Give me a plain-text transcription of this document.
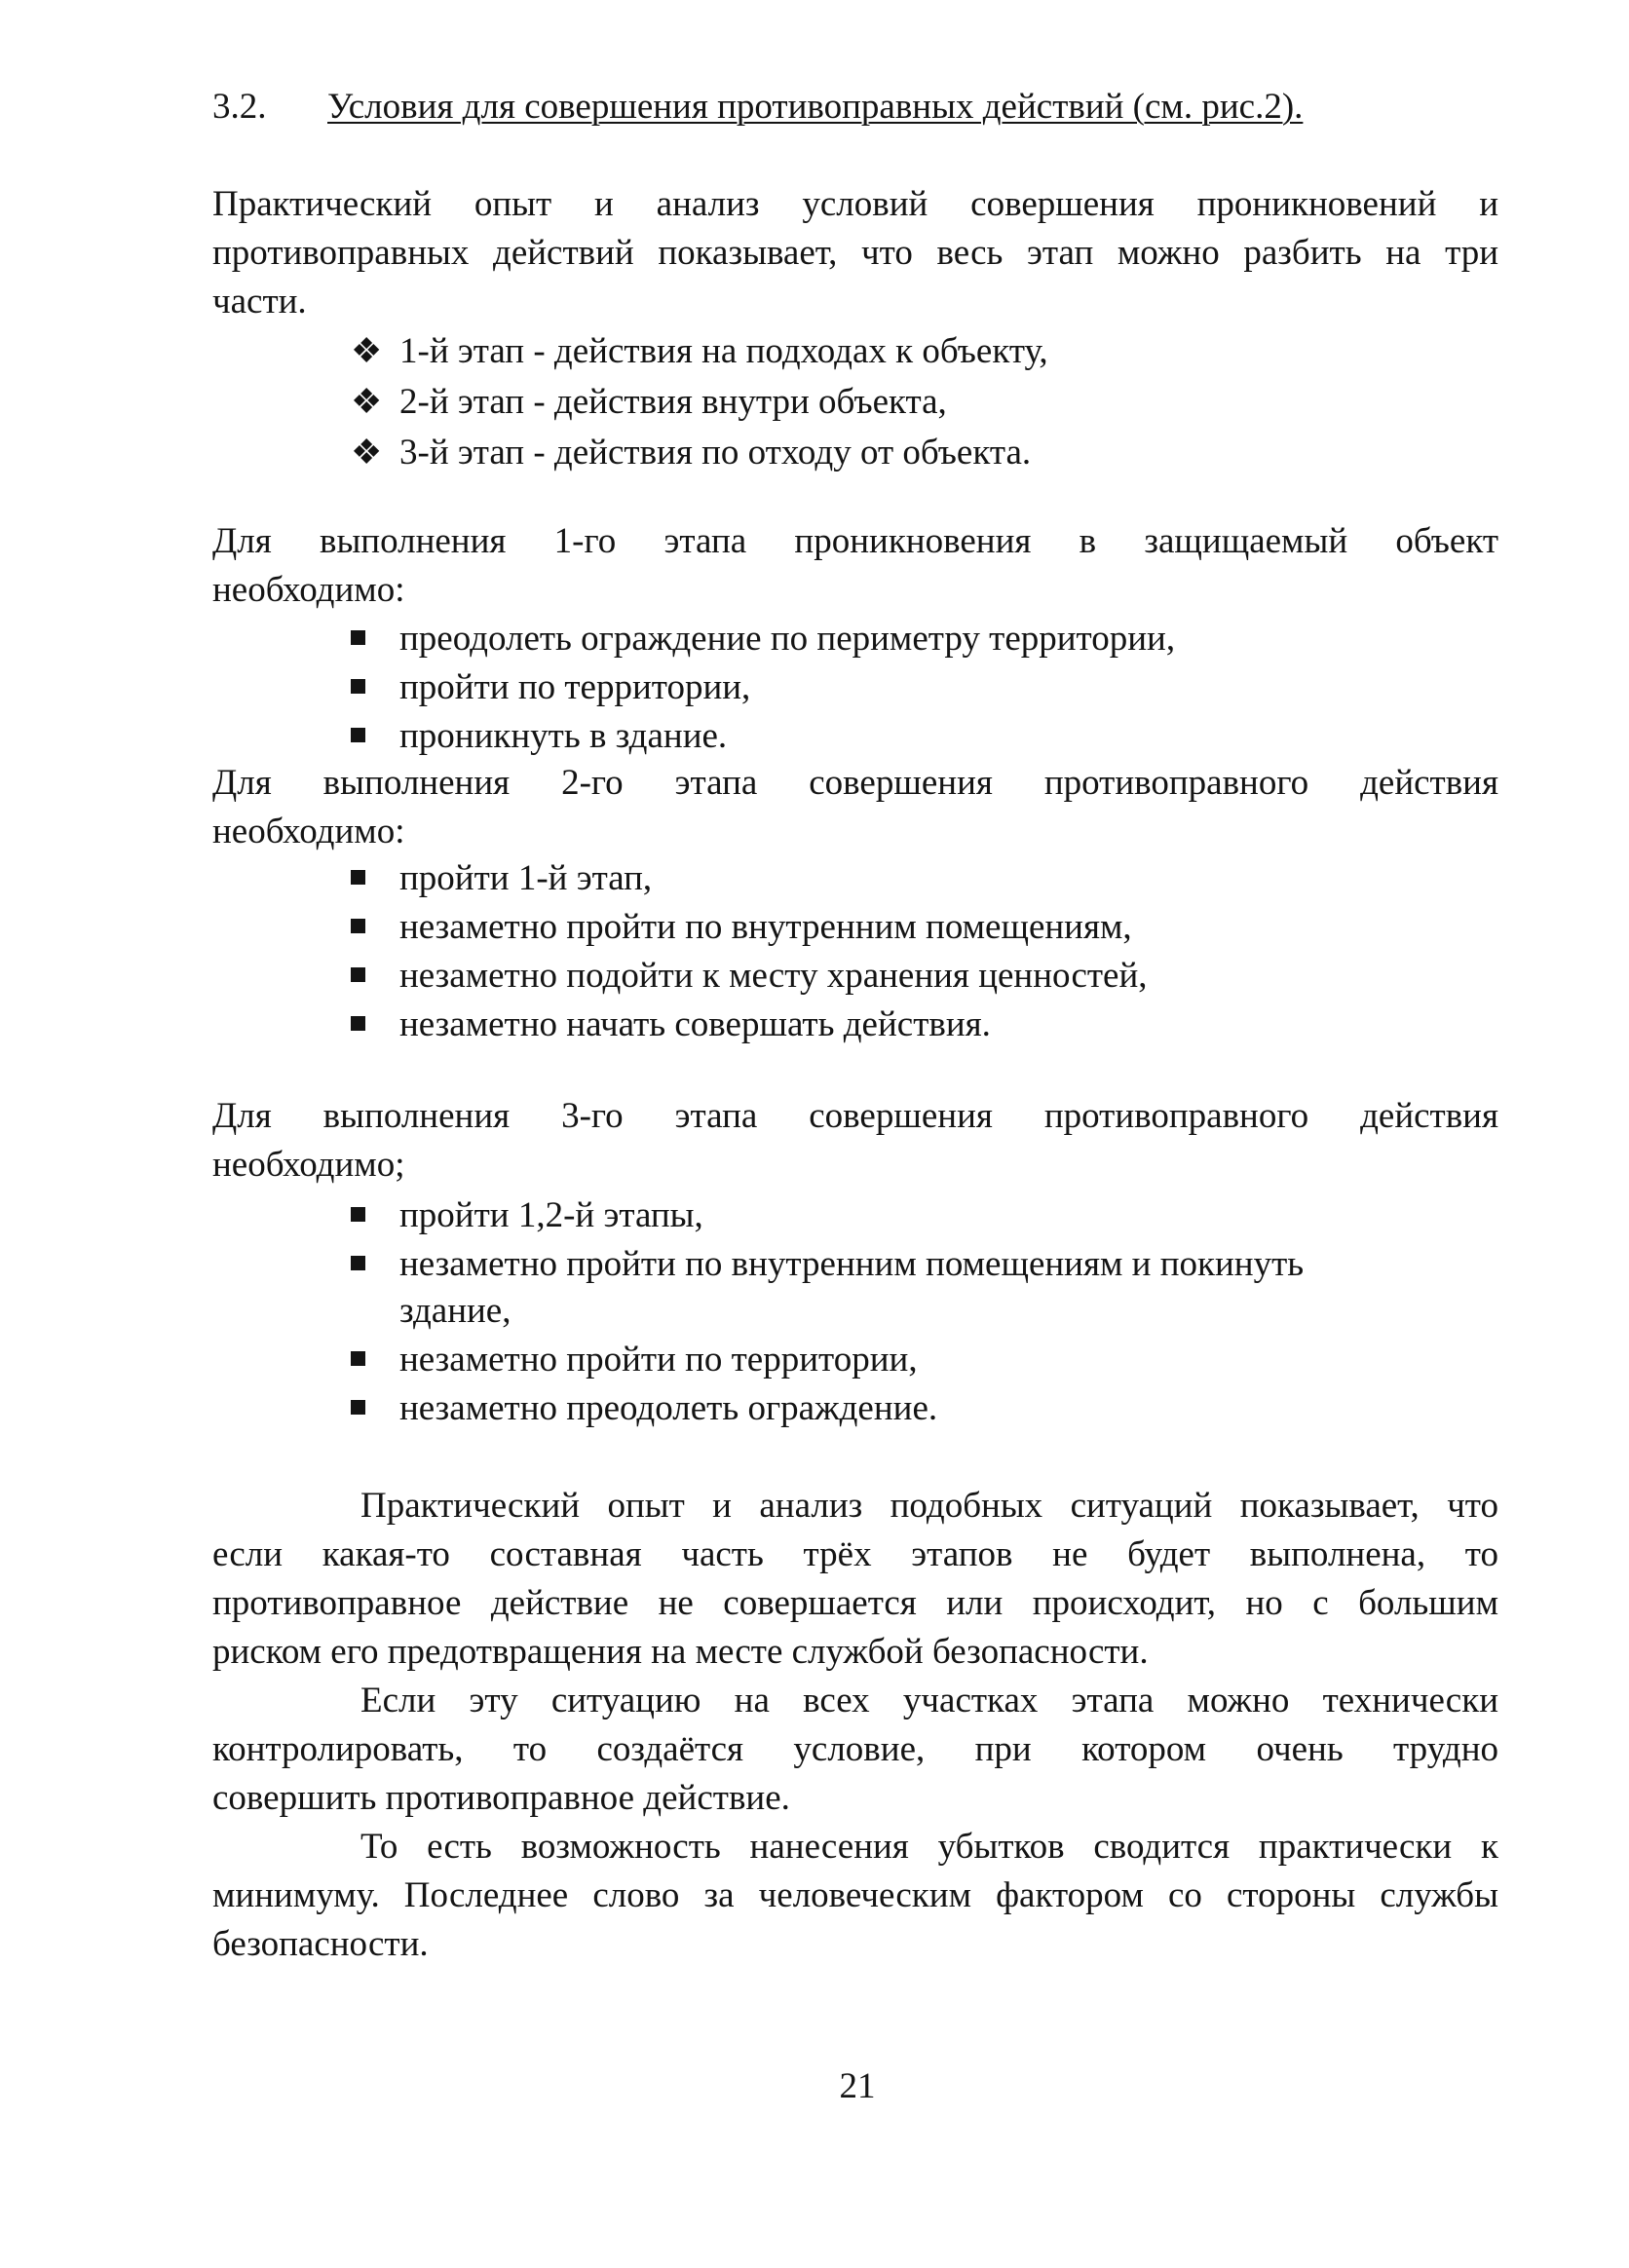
3.2. Условия для совершения противоправных действий (см. рис.2).
Практический опыт и анализ условий совершения проникновений и
противоправных действий показывает, что весь этап можно разбить на три
части.
❖ 1-й этап - действия на подходах к объекту,
❖ 2-й этап - действия внутри объекта,
❖ 3-й этап - действия по отходу от объекта.
Для выполнения 1-го этапа проникновения в защищаемый объект
необходимо:
преодолеть ограждение по периметру территории,
пройти по территории,
проникнуть в здание.
Для выполнения 2-го этапа совершения противоправного действия
необходимо:
пройти 1-й этап,
незаметно пройти по внутренним помещениям,
незаметно подойти к месту хранения ценностей,
незаметно начать совершать действия.
Для выполнения 3-го этапа совершения противоправного действия
необходимо;
пройти 1,2-й этапы,
незаметно пройти по внутренним помещениям и покинуть
здание,
незаметно пройти по территории,
незаметно преодолеть ограждение.
Практический опыт и анализ подобных ситуаций показывает, что
если какая-то составная часть трёх этапов не будет выполнена, то
противоправное действие не совершается или происходит, но с большим
риском его предотвращения на месте службой безопасности.
Если эту ситуацию на всех участках этапа можно технически
контролировать, то создаётся условие, при котором очень трудно
совершить противоправное действие.
То есть возможность нанесения убытков сводится практически к
минимуму. Последнее слово за человеческим фактором со стороны службы
безопасности.
21
